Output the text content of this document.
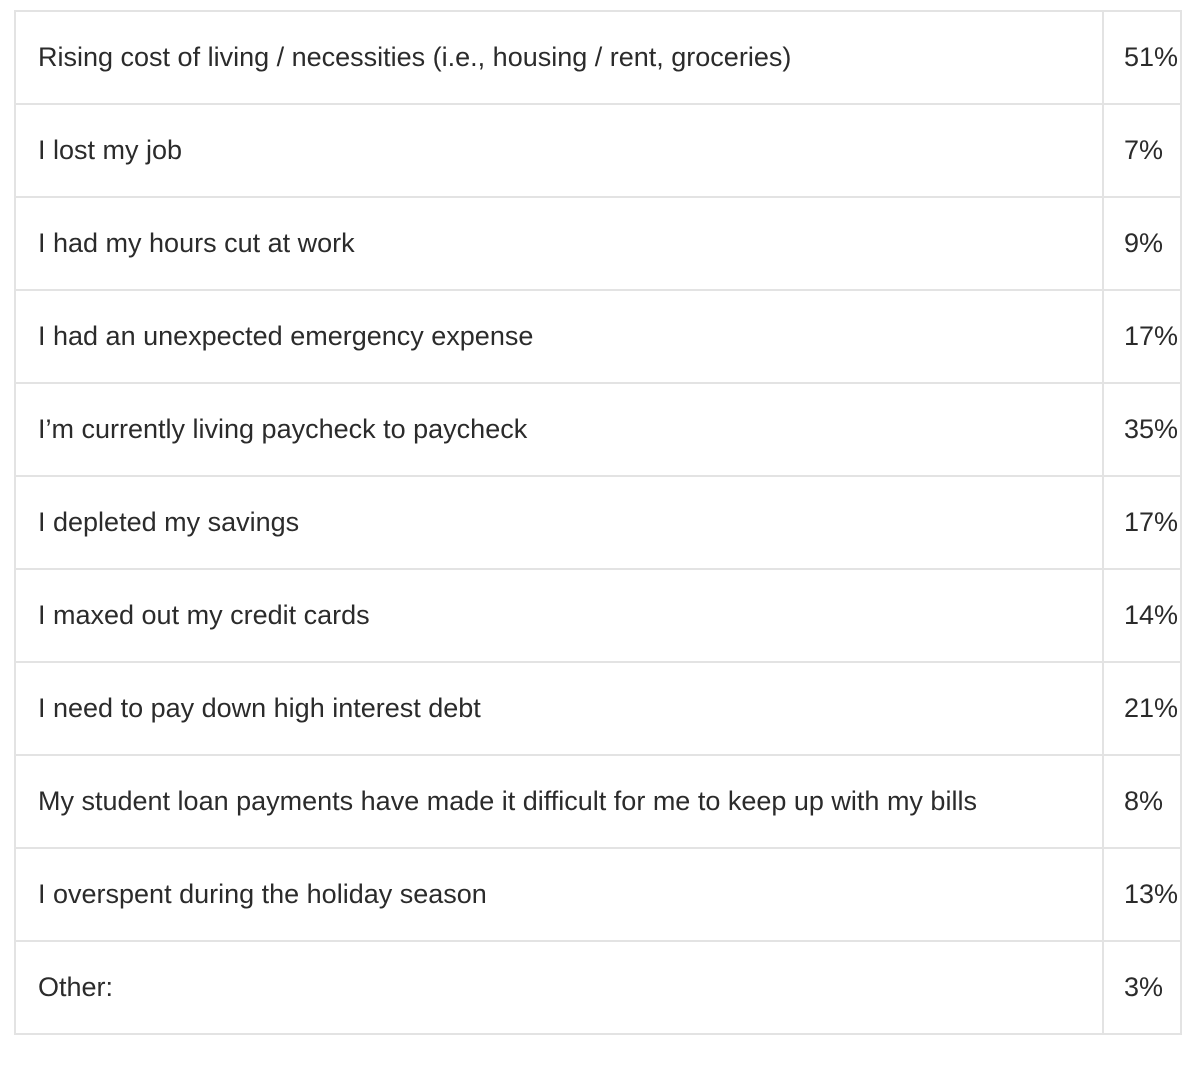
Rising cost of living / necessities (i.e., housing / rent, groceries)	51%
I lost my job	7%
I had my hours cut at work	9%
I had an unexpected emergency expense	17%
I’m currently living paycheck to paycheck	35%
I depleted my savings	17%
I maxed out my credit cards	14%
I need to pay down high interest debt	21%
My student loan payments have made it difficult for me to keep up with my bills	8%
I overspent during the holiday season	13%
Other:	3%
